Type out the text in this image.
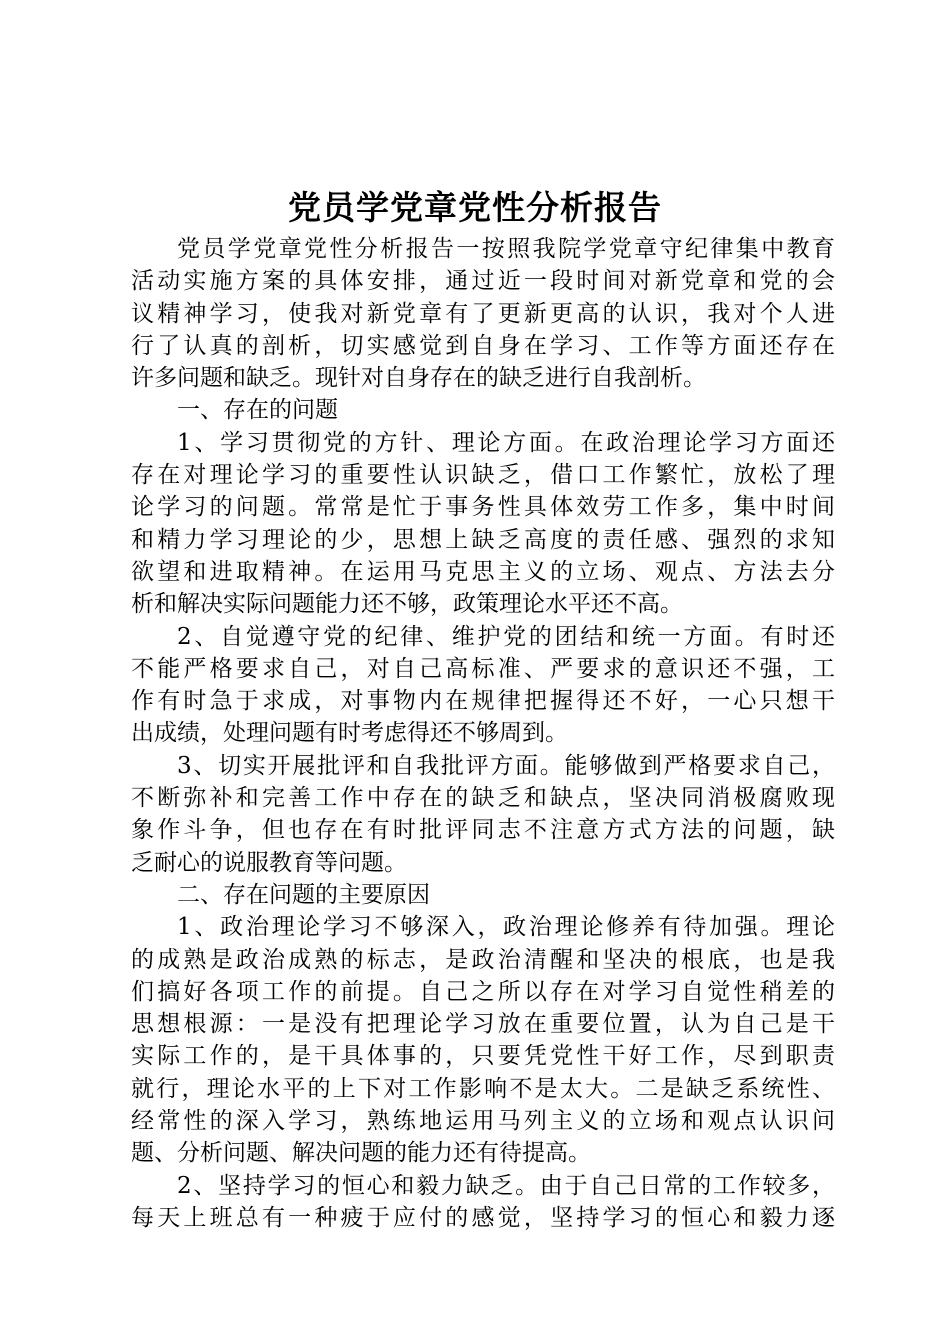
党员学党章党性分析报告
党员学党章党性分析报告一按照我院学党章守纪律集中教育
活动实施方案的具体安排，通过近一段时间对新党章和党的会
议精神学习，使我对新党章有了更新更高的认识，我对个人进
行了认真的剖析，切实感觉到自身在学习、工作等方面还存在
许多问题和缺乏。现针对自身存在的缺乏进行自我剖析。
一、存在的问题
1、学习贯彻党的方针、理论方面。在政治理论学习方面还
存在对理论学习的重要性认识缺乏，借口工作繁忙，放松了理
论学习的问题。常常是忙于事务性具体效劳工作多，集中时间
和精力学习理论的少，思想上缺乏高度的责任感、强烈的求知
欲望和进取精神。在运用马克思主义的立场、观点、方法去分
析和解决实际问题能力还不够，政策理论水平还不高。
2、自觉遵守党的纪律、维护党的团结和统一方面。有时还
不能严格要求自己，对自己高标准、严要求的意识还不强，工
作有时急于求成，对事物内在规律把握得还不好，一心只想干
出成绩，处理问题有时考虑得还不够周到。
3、切实开展批评和自我批评方面。能够做到严格要求自己，
不断弥补和完善工作中存在的缺乏和缺点，坚决同消极腐败现
象作斗争，但也存在有时批评同志不注意方式方法的问题，缺
乏耐心的说服教育等问题。
二、存在问题的主要原因
1、政治理论学习不够深入，政治理论修养有待加强。理论
的成熟是政治成熟的标志，是政治清醒和坚决的根底，也是我
们搞好各项工作的前提。自己之所以存在对学习自觉性稍差的
思想根源：一是没有把理论学习放在重要位置，认为自己是干
实际工作的，是干具体事的，只要凭党性干好工作，尽到职责
就行，理论水平的上下对工作影响不是太大。二是缺乏系统性、
经常性的深入学习，熟练地运用马列主义的立场和观点认识问
题、分析问题、解决问题的能力还有待提高。
2、坚持学习的恒心和毅力缺乏。由于自己日常的工作较多，
每天上班总有一种疲于应付的感觉，坚持学习的恒心和毅力逐
